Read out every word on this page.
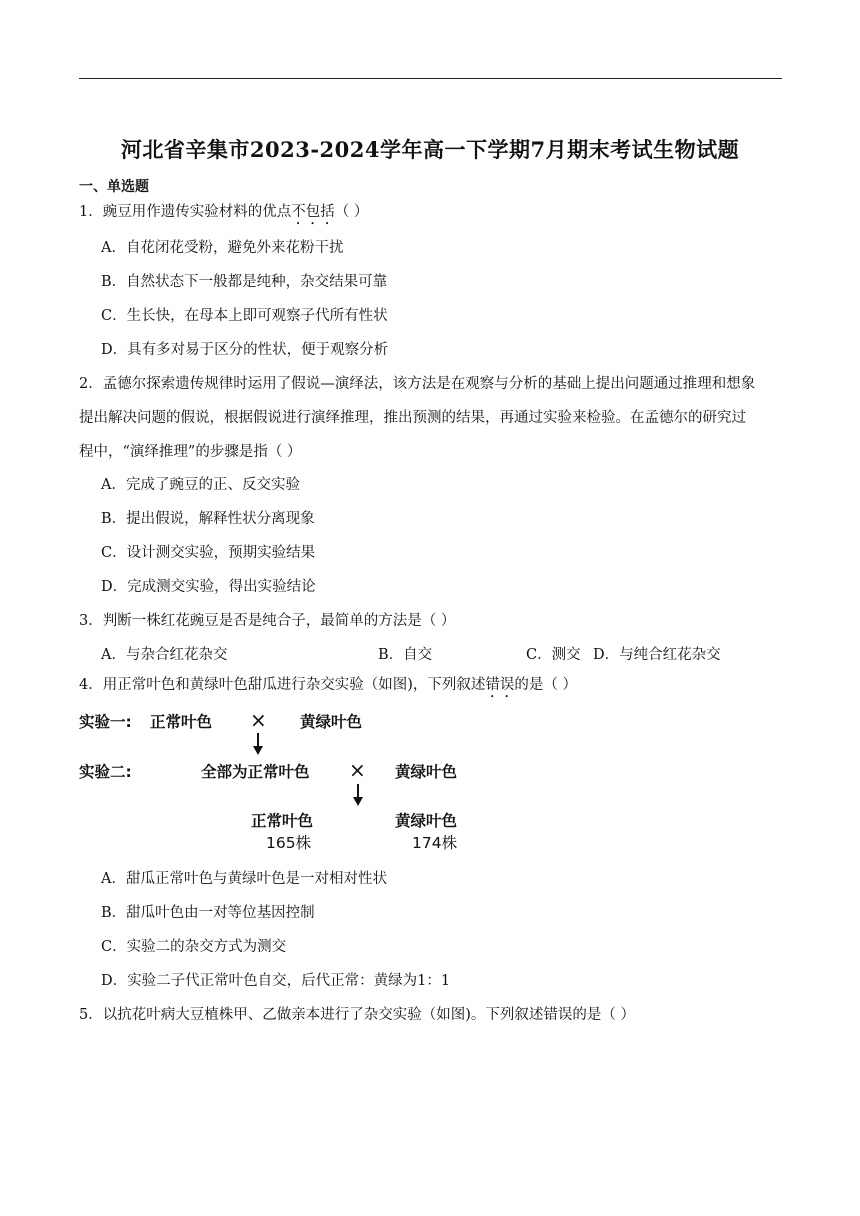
河北省辛集市2023-2024学年高一下学期7月期末考试生物试题
一、单选题
1．豌豆用作遗传实验材料的优点不包括（ ）
A．自花闭花受粉，避免外来花粉干扰
B．自然状态下一般都是纯种，杂交结果可靠
C．生长快，在母本上即可观察子代所有性状
D．具有多对易于区分的性状，便于观察分析
2．孟德尔探索遗传规律时运用了假说—演绎法，该方法是在观察与分析的基础上提出问题通过推理和想象
提出解决问题的假说，根据假说进行演绎推理，推出预测的结果，再通过实验来检验。在孟德尔的研究过
程中，“演绎推理”的步骤是指（ ）
A．完成了豌豆的正、反交实验
B．提出假说，解释性状分离现象
C．设计测交实验，预期实验结果
D．完成测交实验，得出实验结论
3．判断一株红花豌豆是否是纯合子，最简单的方法是（ ）
A．与杂合红花杂交	B．自交	C．测交 D．与纯合红花杂交
4．用正常叶色和黄绿叶色甜瓜进行杂交实验（如图)，下列叙述错误的是（ ）
实验一: 正常叶色 × 黄绿叶色
实验二:	全部为正常叶色 × 黄绿叶色
正常叶色	黄绿叶色
165株	174株
A．甜瓜正常叶色与黄绿叶色是一对相对性状
B．甜瓜叶色由一对等位基因控制
C．实验二的杂交方式为测交
D．实验二子代正常叶色自交，后代正常：黄绿为1：1
5．以抗花叶病大豆植株甲、乙做亲本进行了杂交实验（如图)。下列叙述错误的是（ ）
